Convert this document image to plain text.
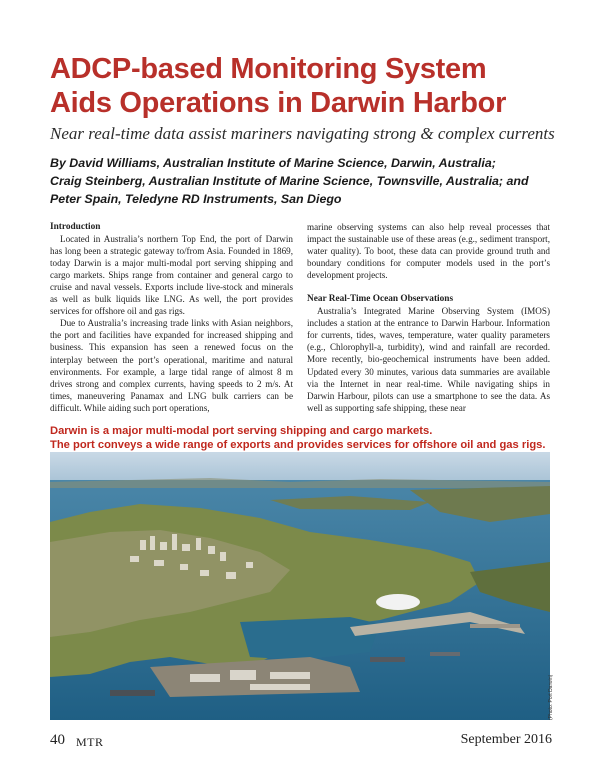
ADCP-based Monitoring System
Aids Operations in Darwin Harbor
Near real-time data assist mariners navigating strong & complex currents
By David Williams, Australian Institute of Marine Science, Darwin, Australia;
Craig Steinberg, Australian Institute of Marine Science, Townsville, Australia; and
Peter Spain, Teledyne RD Instruments, San Diego
Introduction

Located in Australia’s northern Top End, the port of Darwin has long been a strategic gateway to/from Asia. Founded in 1869, today Darwin is a major multi-modal port serving shipping and cargo markets. Ships range from container and general cargo to cruise and naval vessels. Exports include live-stock and minerals as well as bulk liquids like LNG. As well, the port provides services for offshore oil and gas rigs.

Due to Australia’s increasing trade links with Asian neighbors, the port and facilities have expanded for increased shipping and business. This expansion has seen a renewed focus on the interplay between the port’s operational, maritime and natural environments. For example, a large tidal range of almost 8 m drives strong and complex currents, having speeds to 2 m/s. At times, maneuvering Panamax and LNG bulk carriers can be difficult. While aiding such port operations,

marine observing systems can also help reveal processes that impact the sustainable use of these areas (e.g., sediment transport, water quality). To boot, these data can provide ground truth and boundary conditions for computer models used in the port’s development projects.

Near Real-Time Ocean Observations

Australia’s Integrated Marine Observing System (IMOS) includes a station at the entrance to Darwin Harbour. Information for currents, tides, waves, temperature, water quality parameters (e.g., Chlorophyll-a, turbidity), wind and rainfall are recorded. More recently, bio-geochemical instruments have been added. Updated every 30 minutes, various data summaries are available via the Internet in near real-time. While navigating ships in Darwin Harbour, pilots can use a smartphone to see the data. As well as supporting safe shipping, these near

Darwin is a major multi-modal port serving shipping and cargo markets.
The port conveys a wide range of exports and provides services for offshore oil and gas rigs.
(Photo: Port Darwin)
40 MTR	September 2016
